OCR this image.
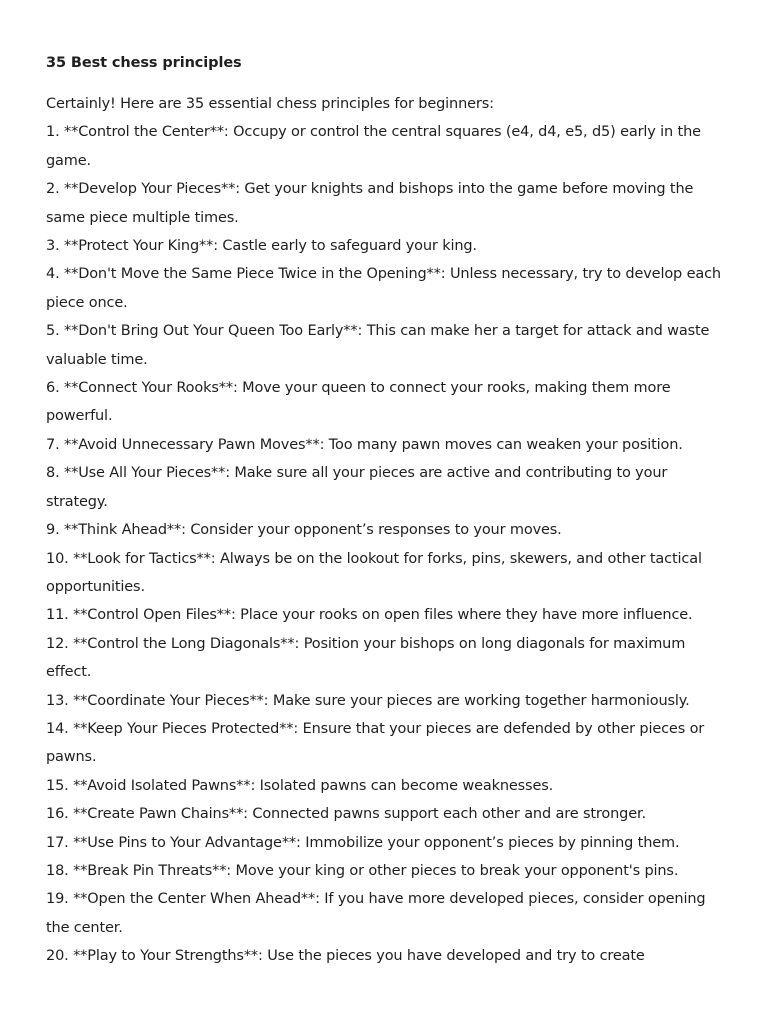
35 Best chess principles

Certainly! Here are 35 essential chess principles for beginners:

1. **Control the Center**: Occupy or control the central squares (e4, d4, e5, d5) early in the game.

2. **Develop Your Pieces**: Get your knights and bishops into the game before moving the same piece multiple times.

3. **Protect Your King**: Castle early to safeguard your king.

4. **Don't Move the Same Piece Twice in the Opening**: Unless necessary, try to develop each piece once.

5. **Don't Bring Out Your Queen Too Early**: This can make her a target for attack and waste valuable time.

6. **Connect Your Rooks**: Move your queen to connect your rooks, making them more powerful.

7. **Avoid Unnecessary Pawn Moves**: Too many pawn moves can weaken your position.

8. **Use All Your Pieces**: Make sure all your pieces are active and contributing to your strategy.

9. **Think Ahead**: Consider your opponent’s responses to your moves.

10. **Look for Tactics**: Always be on the lookout for forks, pins, skewers, and other tactical opportunities.

11. **Control Open Files**: Place your rooks on open files where they have more influence.

12. **Control the Long Diagonals**: Position your bishops on long diagonals for maximum effect.

13. **Coordinate Your Pieces**: Make sure your pieces are working together harmoniously.

14. **Keep Your Pieces Protected**: Ensure that your pieces are defended by other pieces or pawns.

15. **Avoid Isolated Pawns**: Isolated pawns can become weaknesses.

16. **Create Pawn Chains**: Connected pawns support each other and are stronger.

17. **Use Pins to Your Advantage**: Immobilize your opponent’s pieces by pinning them.

18. **Break Pin Threats**: Move your king or other pieces to break your opponent's pins.

19. **Open the Center When Ahead**: If you have more developed pieces, consider opening the center.

20. **Play to Your Strengths**: Use the pieces you have developed and try to create
